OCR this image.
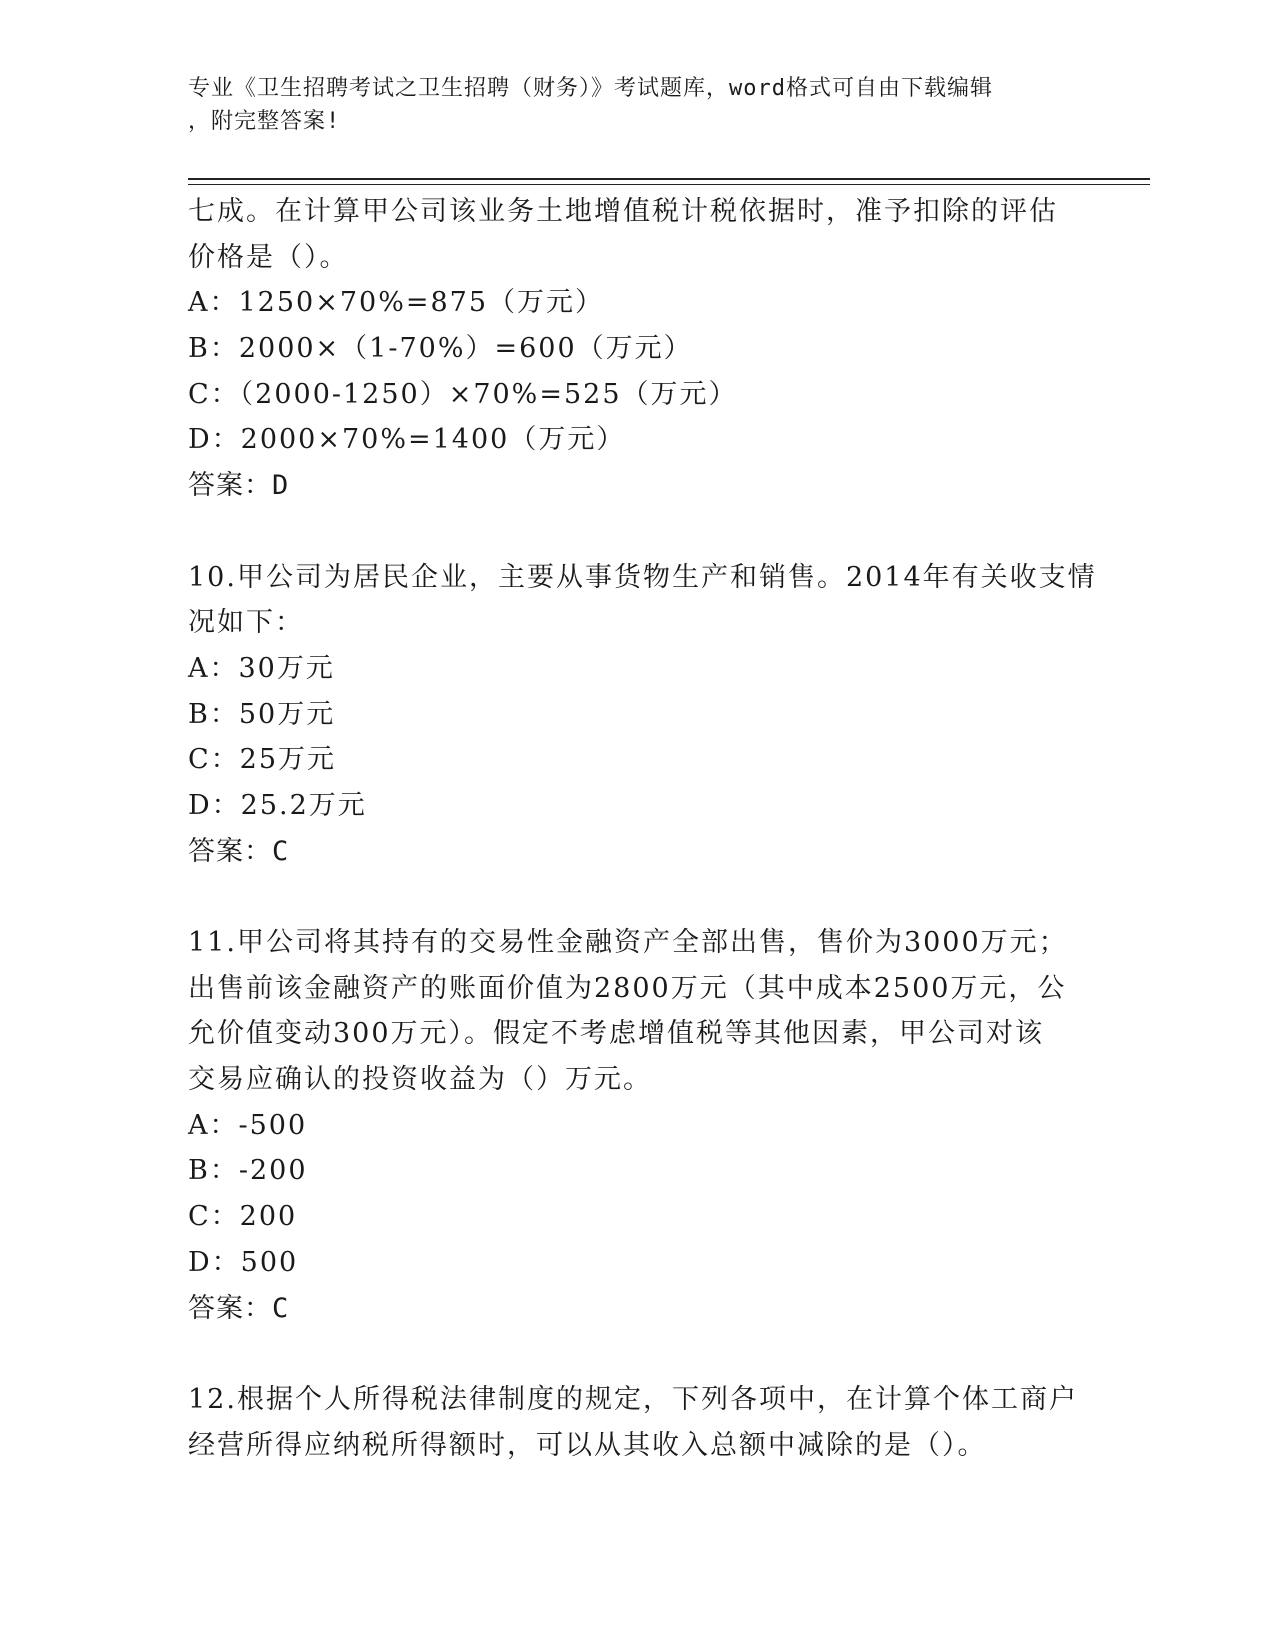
专业《卫生招聘考试之卫生招聘（财务）》考试题库，word格式可自由下载编辑
，附完整答案!
七成。在计算甲公司该业务土地增值税计税依据时，准予扣除的评估
价格是（）。
A：1250×70%=875（万元）
B：2000×（1-70%）=600（万元）
C：（2000-1250）×70%=525（万元）
D：2000×70%=1400（万元）
答案：D
10.甲公司为居民企业，主要从事货物生产和销售。2014年有关收支情
况如下：
A：30万元
B：50万元
C：25万元
D：25.2万元
答案：C
11.甲公司将其持有的交易性金融资产全部出售，售价为3000万元；
出售前该金融资产的账面价值为2800万元（其中成本2500万元，公
允价值变动300万元）。假定不考虑增值税等其他因素，甲公司对该
交易应确认的投资收益为（）万元。
A：-500
B：-200
C：200
D：500
答案：C
12.根据个人所得税法律制度的规定，下列各项中，在计算个体工商户
经营所得应纳税所得额时，可以从其收入总额中减除的是（）。
